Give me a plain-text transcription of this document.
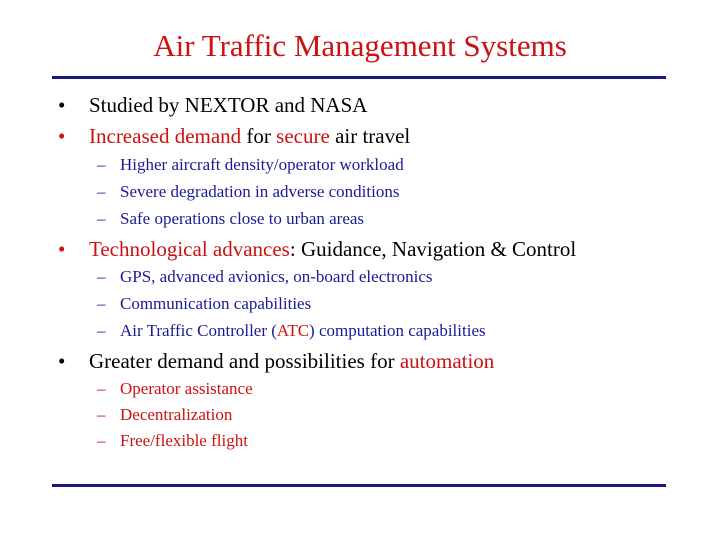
Air Traffic Management Systems
• Studied by NEXTOR and NASA
• Increased demand for secure air travel
– Higher aircraft density/operator workload
– Severe degradation in adverse conditions
– Safe operations close to urban areas
• Technological advances: Guidance, Navigation & Control
– GPS, advanced avionics, on-board electronics
– Communication capabilities
– Air Traffic Controller (ATC) computation capabilities
• Greater demand and possibilities for automation
– Operator assistance
– Decentralization
– Free/flexible flight
